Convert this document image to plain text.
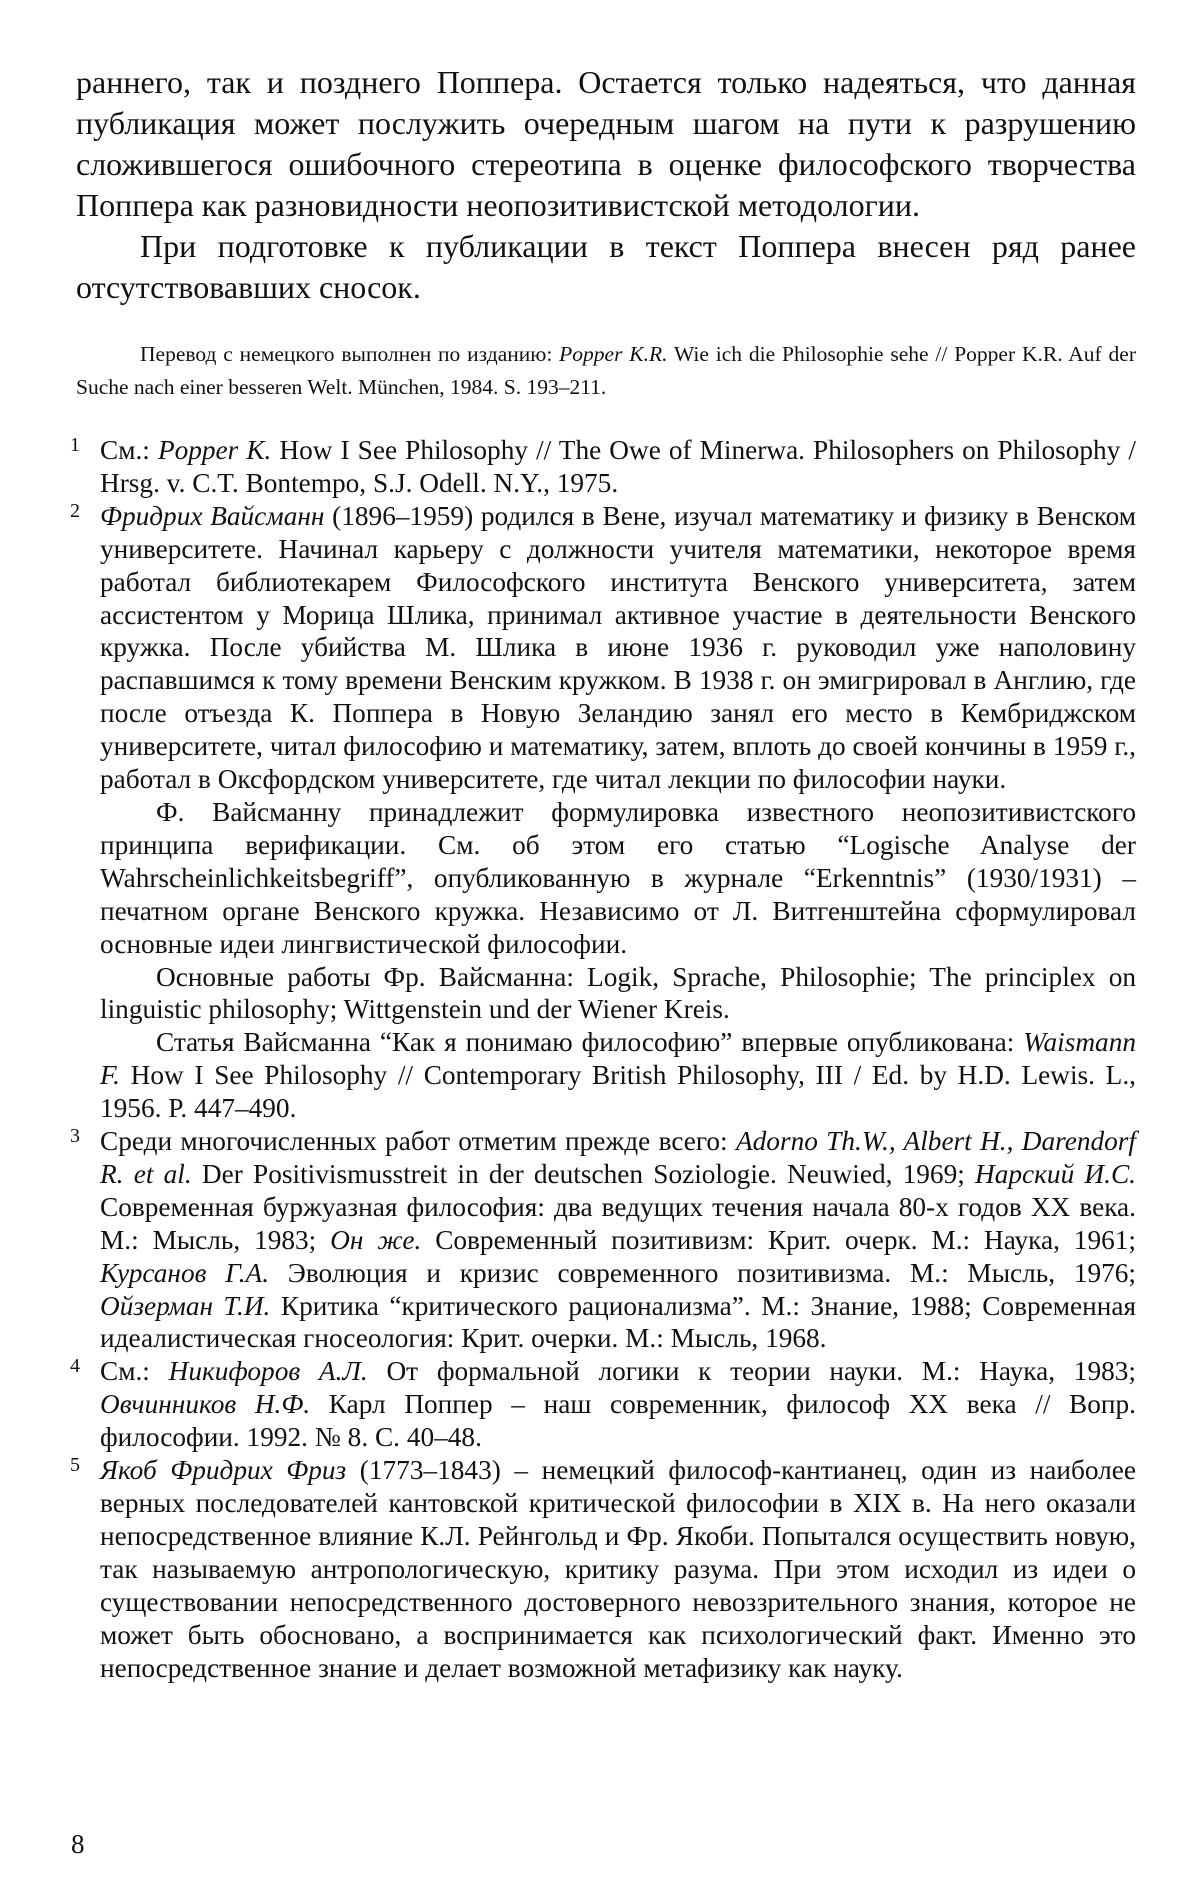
раннего, так и позднего Поппера. Остается только надеяться, что данная публикация может послужить очередным шагом на пути к разрушению сложившегося ошибочного стереотипа в оценке философского творчества Поппера как разновидности неопозитивистской методологии.

При подготовке к публикации в текст Поппера внесен ряд ранее отсутствовавших сносок.

Перевод с немецкого выполнен по изданию: Popper K.R. Wie ich die Philosophie sehe // Popper K.R. Auf der Suche nach einer besseren Welt. München, 1984. S. 193–211.

1 См.: Popper K. How I See Philosophy // The Owe of Minerwa. Philosophers on Philosophy / Hrsg. v. C.T. Bontempo, S.J. Odell. N.Y., 1975.

2 Фридрих Вайсманн (1896–1959) родился в Вене, изучал математику и физику в Венском университете. Начинал карьеру с должности учителя математики, некоторое время работал библиотекарем Философского института Венского университета, затем ассистентом у Морица Шлика, принимал активное участие в деятельности Венского кружка. После убийства М. Шлика в июне 1936 г. руководил уже наполовину распавшимся к тому времени Венским кружком. В 1938 г. он эмигрировал в Англию, где после отъезда К. Поппера в Новую Зеландию занял его место в Кембриджском университете, читал философию и математику, затем, вплоть до своей кончины в 1959 г., работал в Оксфордском университете, где читал лекции по философии науки.

Ф. Вайсманну принадлежит формулировка известного неопозитивистского принципа верификации. См. об этом его статью “Logische Analyse der Wahrscheinlichkeitsbegriff”, опубликованную в журнале “Erkenntnis” (1930/1931) – печатном органе Венского кружка. Независимо от Л. Витгенштейна сформулировал основные идеи лингвистической философии.

Основные работы Фр. Вайсманна: Logik, Sprache, Philosophie; The principlex on linguistic philosophy; Wittgenstein und der Wiener Kreis.

Статья Вайсманна “Как я понимаю философию” впервые опубликована: Waismann F. How I See Philosophy // Contemporary British Philosophy, III / Ed. by H.D. Lewis. L., 1956. P. 447–490.

3 Среди многочисленных работ отметим прежде всего: Adorno Th.W., Albert H., Darendorf R. et al. Der Positivismusstreit in der deutschen Soziologie. Neuwied, 1969; Нарский И.С. Современная буржуазная философия: два ведущих течения начала 80-х годов XX века. М.: Мысль, 1983; Он же. Современный позитивизм: Крит. очерк. М.: Наука, 1961; Курсанов Г.А. Эволюция и кризис современного позитивизма. М.: Мысль, 1976; Ойзерман Т.И. Критика “критического рационализма”. М.: Знание, 1988; Современная идеалистическая гносеология: Крит. очерки. М.: Мысль, 1968.

4 См.: Никифоров А.Л. От формальной логики к теории науки. М.: Наука, 1983; Овчинников Н.Ф. Карл Поппер – наш современник, философ XX века // Вопр. философии. 1992. № 8. С. 40–48.

5 Якоб Фридрих Фриз (1773–1843) – немецкий философ-кантианец, один из наиболее верных последователей кантовской критической философии в XIX в. На него оказали непосредственное влияние К.Л. Рейнгольд и Фр. Якоби. Попытался осуществить новую, так называемую антропологическую, критику разума. При этом исходил из идеи о существовании непосредственного достоверного невоззрительного знания, которое не может быть обосновано, а воспринимается как психологический факт. Именно это непосредственное знание и делает возможной метафизику как науку.

8
